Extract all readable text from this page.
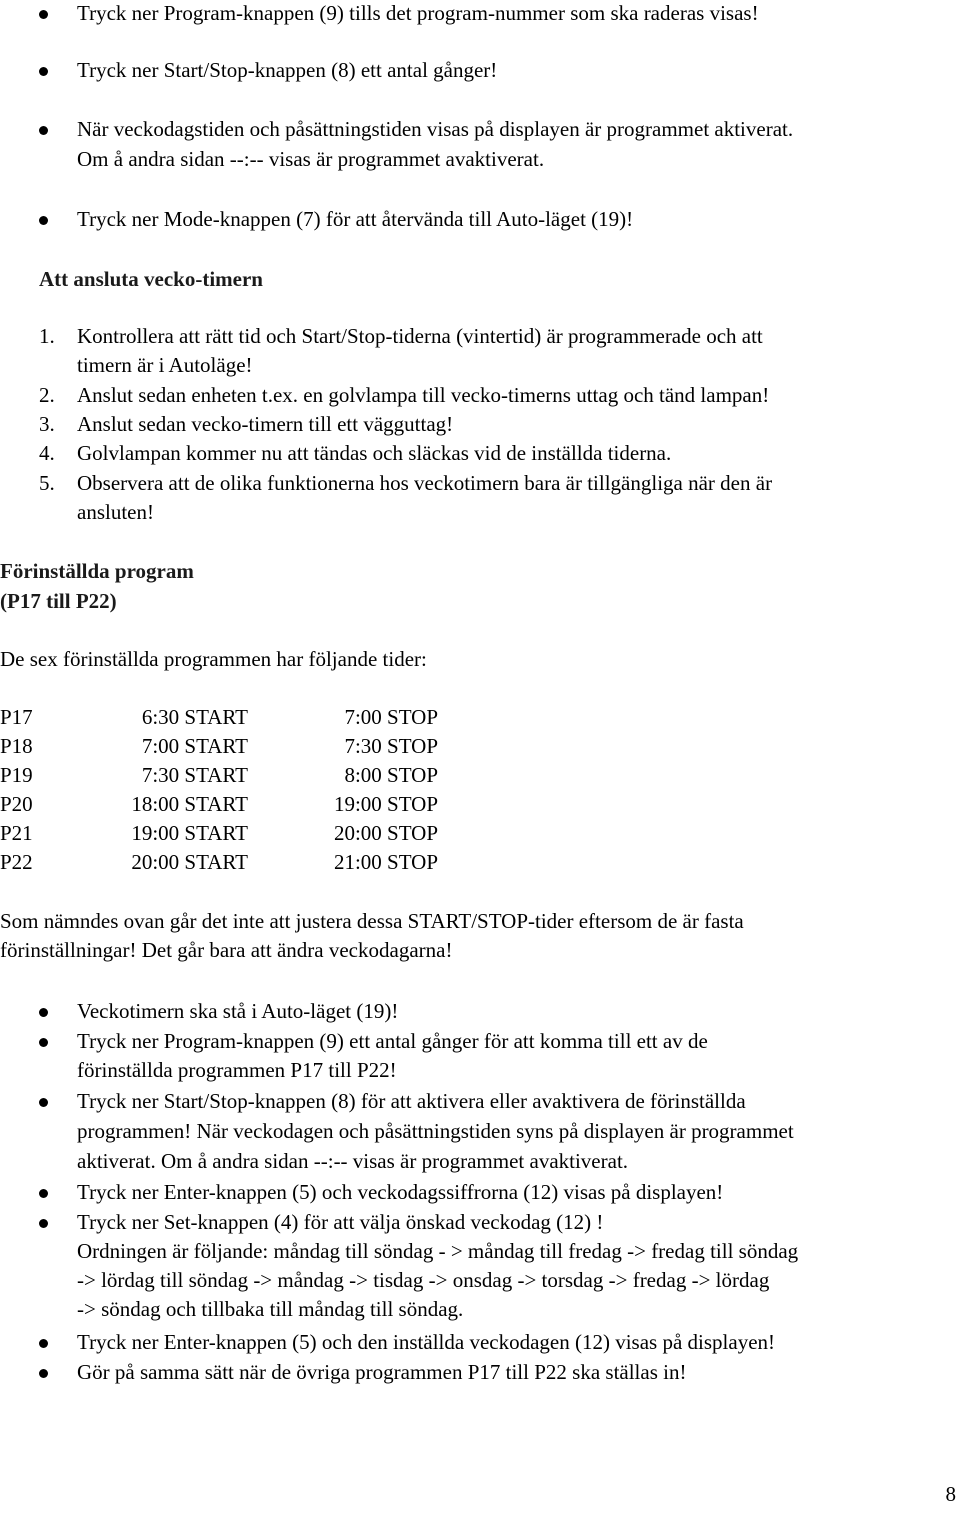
Tryck ner Program-knappen (9) tills det program-nummer som ska raderas visas!
Tryck ner Start/Stop-knappen (8) ett antal gånger!
När veckodagstiden och påsättningstiden visas på displayen är programmet aktiverat.
Om å andra sidan --:-- visas är programmet avaktiverat.
Tryck ner Mode-knappen (7) för att återvända till Auto-läget (19)!
Att ansluta vecko-timern
1. Kontrollera att rätt tid och Start/Stop-tiderna (vintertid) är programmerade och att
timern är i Autoläge!
2. Anslut sedan enheten t.ex. en golvlampa till vecko-timerns uttag och tänd lampan!
3. Anslut sedan vecko-timern till ett vägguttag!
4. Golvlampan kommer nu att tändas och släckas vid de inställda tiderna.
5. Observera att de olika funktionerna hos veckotimern bara är tillgängliga när den är
ansluten!
Förinställda program
(P17 till P22)
De sex förinställda programmen har följande tider:
P17	6:30 START	7:00 STOP
P18	7:00 START	7:30 STOP
P19	7:30 START	8:00 STOP
P20	18:00 START	19:00 STOP
P21	19:00 START	20:00 STOP
P22	20:00 START	21:00 STOP
Som nämndes ovan går det inte att justera dessa START/STOP-tider eftersom de är fasta
förinställningar! Det går bara att ändra veckodagarna!
Veckotimern ska stå i Auto-läget (19)!
Tryck ner Program-knappen (9) ett antal gånger för att komma till ett av de
förinställda programmen P17 till P22!
Tryck ner Start/Stop-knappen (8) för att aktivera eller avaktivera de förinställda
programmen! När veckodagen och påsättningstiden syns på displayen är programmet
aktiverat. Om å andra sidan --:-- visas är programmet avaktiverat.
Tryck ner Enter-knappen (5) och veckodagssiffrorna (12) visas på displayen!
Tryck ner Set-knappen (4) för att välja önskad veckodag (12) !
Ordningen är följande: måndag till söndag - > måndag till fredag -> fredag till söndag
-> lördag till söndag -> måndag -> tisdag -> onsdag -> torsdag -> fredag -> lördag
-> söndag och tillbaka till måndag till söndag.
Tryck ner Enter-knappen (5) och den inställda veckodagen (12) visas på displayen!
Gör på samma sätt när de övriga programmen P17 till P22 ska ställas in!
8
